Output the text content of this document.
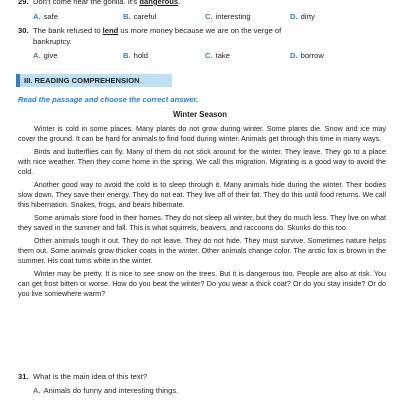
29. Don't come near the gorilla. It's dangerous.
A. safe	B. careful	C. interesting	D. dirty
30. The bank refused to lend us more money because we are on the verge of
bankruptcy.
A. give	B. hold	C. take	D. borrow
III. READING COMPREHENSION
Read the passage and choose the correct answer.
Winter Season

Winter is cold in some places. Many plants do not grow during winter. Some plants die. Snow and ice may cover the ground. It can be hard for animals to find food during winter. Animals get through this time in many ways.

Birds and butterflies can fly. Many of them do not stick around for the winter. They leave. They go to a place with nice weather. Then they come home in the spring. We call this migration. Migrating is a good way to avoid the cold.

Another good way to avoid the cold is to sleep through it. Many animals hide during the winter. Their bodies slow down. They save their energy. They do not eat. They live off of their fat. They do this until food returns. We call this hibernation. Snakes, frogs, and bears hibernate.

Some animals store food in their homes. They do not sleep all winter, but they do much less. They live on what they saved in the summer and fall. This is what squirrels, beavers, and raccoons do. Skunks do this too.

Other animals tough it out. They do not leave. They do not hide. They must survive. Sometimes nature helps them out. Some animals grow thicker coats in the winter. Other animals change color. The arctic fox is brown in the summer. His coat turns white in the winter.

Winter may be pretty. It is nice to see snow on the trees. But it is dangerous too. People are also at risk. You can get frost bitten or worse. How do you beat the winter? Do you wear a thick coat? Or do you stay inside? Or do you live somewhere warm?

31. What is the main idea of this text?
A. Animals do funny and interesting things.
